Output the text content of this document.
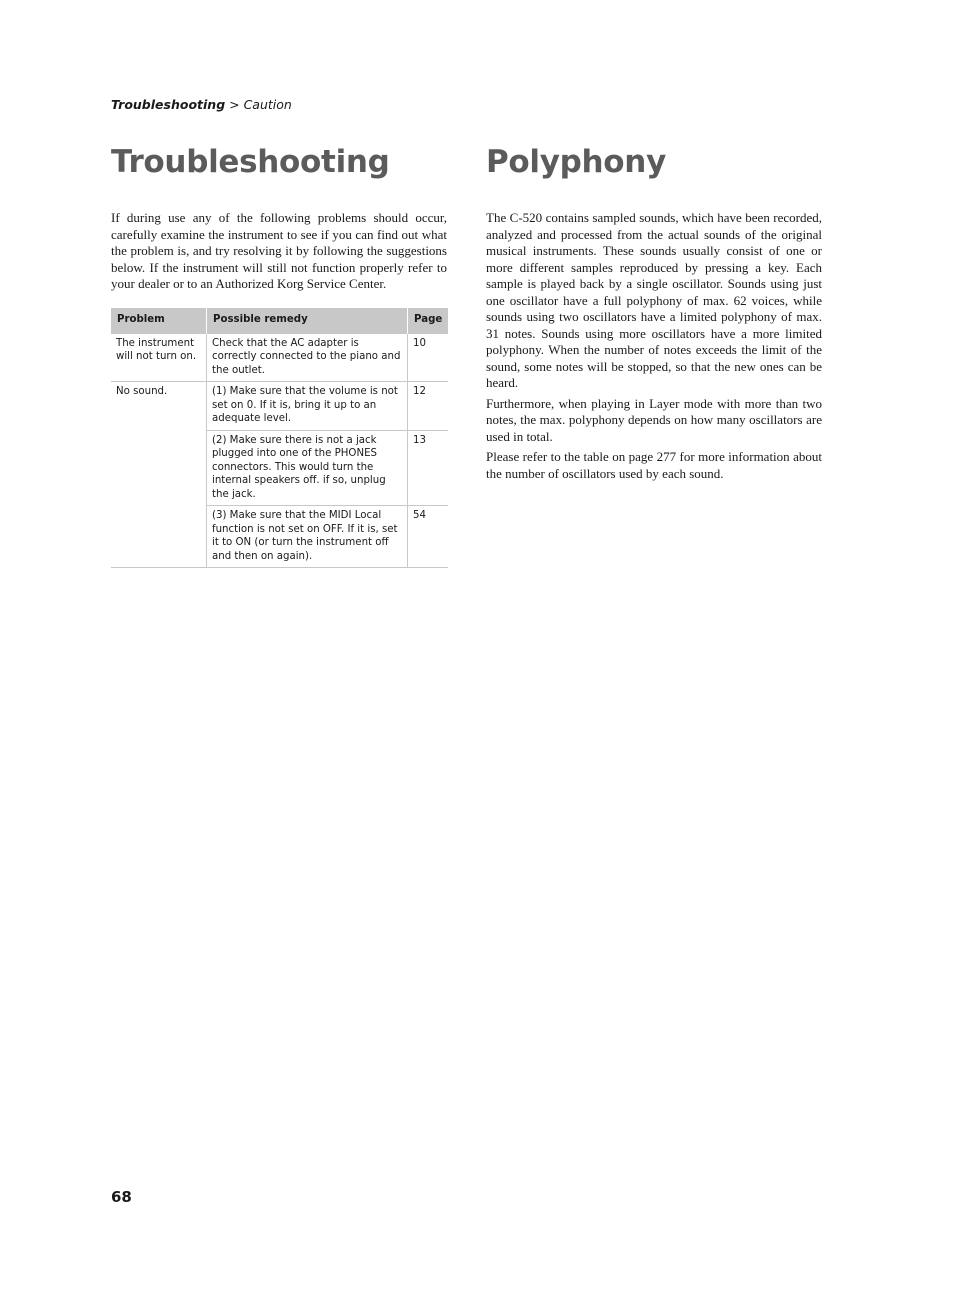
Troubleshooting > Caution
Troubleshooting

If during use any of the following problems should occur, carefully examine the instrument to see if you can find out what the problem is, and try resolving it by following the suggestions below. If the instrument will still not function properly refer to your dealer or to an Authorized Korg Service Center.

Problem	Possible remedy	Page
The instrument will not turn on.	Check that the AC adapter is correctly connected to the piano and the outlet.	10
No sound.	(1) Make sure that the volume is not set on 0. If it is, bring it up to an adequate level.	12
	(2) Make sure there is not a jack plugged into one of the PHONES connectors. This would turn the internal speakers off. if so, unplug the jack.	13
	(3) Make sure that the MIDI Local function is not set on OFF. If it is, set it to ON (or turn the instrument off and then on again).	54
Polyphony

The C-520 contains sampled sounds, which have been recorded, analyzed and processed from the actual sounds of the original musical instruments. These sounds usually consist of one or more different samples reproduced by pressing a key. Each sample is played back by a single oscillator. Sounds using just one oscillator have a full polyphony of max. 62 voices, while sounds using two oscillators have a limited polyphony of max. 31 notes. Sounds using more oscillators have a more limited polyphony. When the number of notes exceeds the limit of the sound, some notes will be stopped, so that the new ones can be heard.

Furthermore, when playing in Layer mode with more than two notes, the max. polyphony depends on how many oscillators are used in total.

Please refer to the table on page 277 for more information about the number of oscillators used by each sound.

68
